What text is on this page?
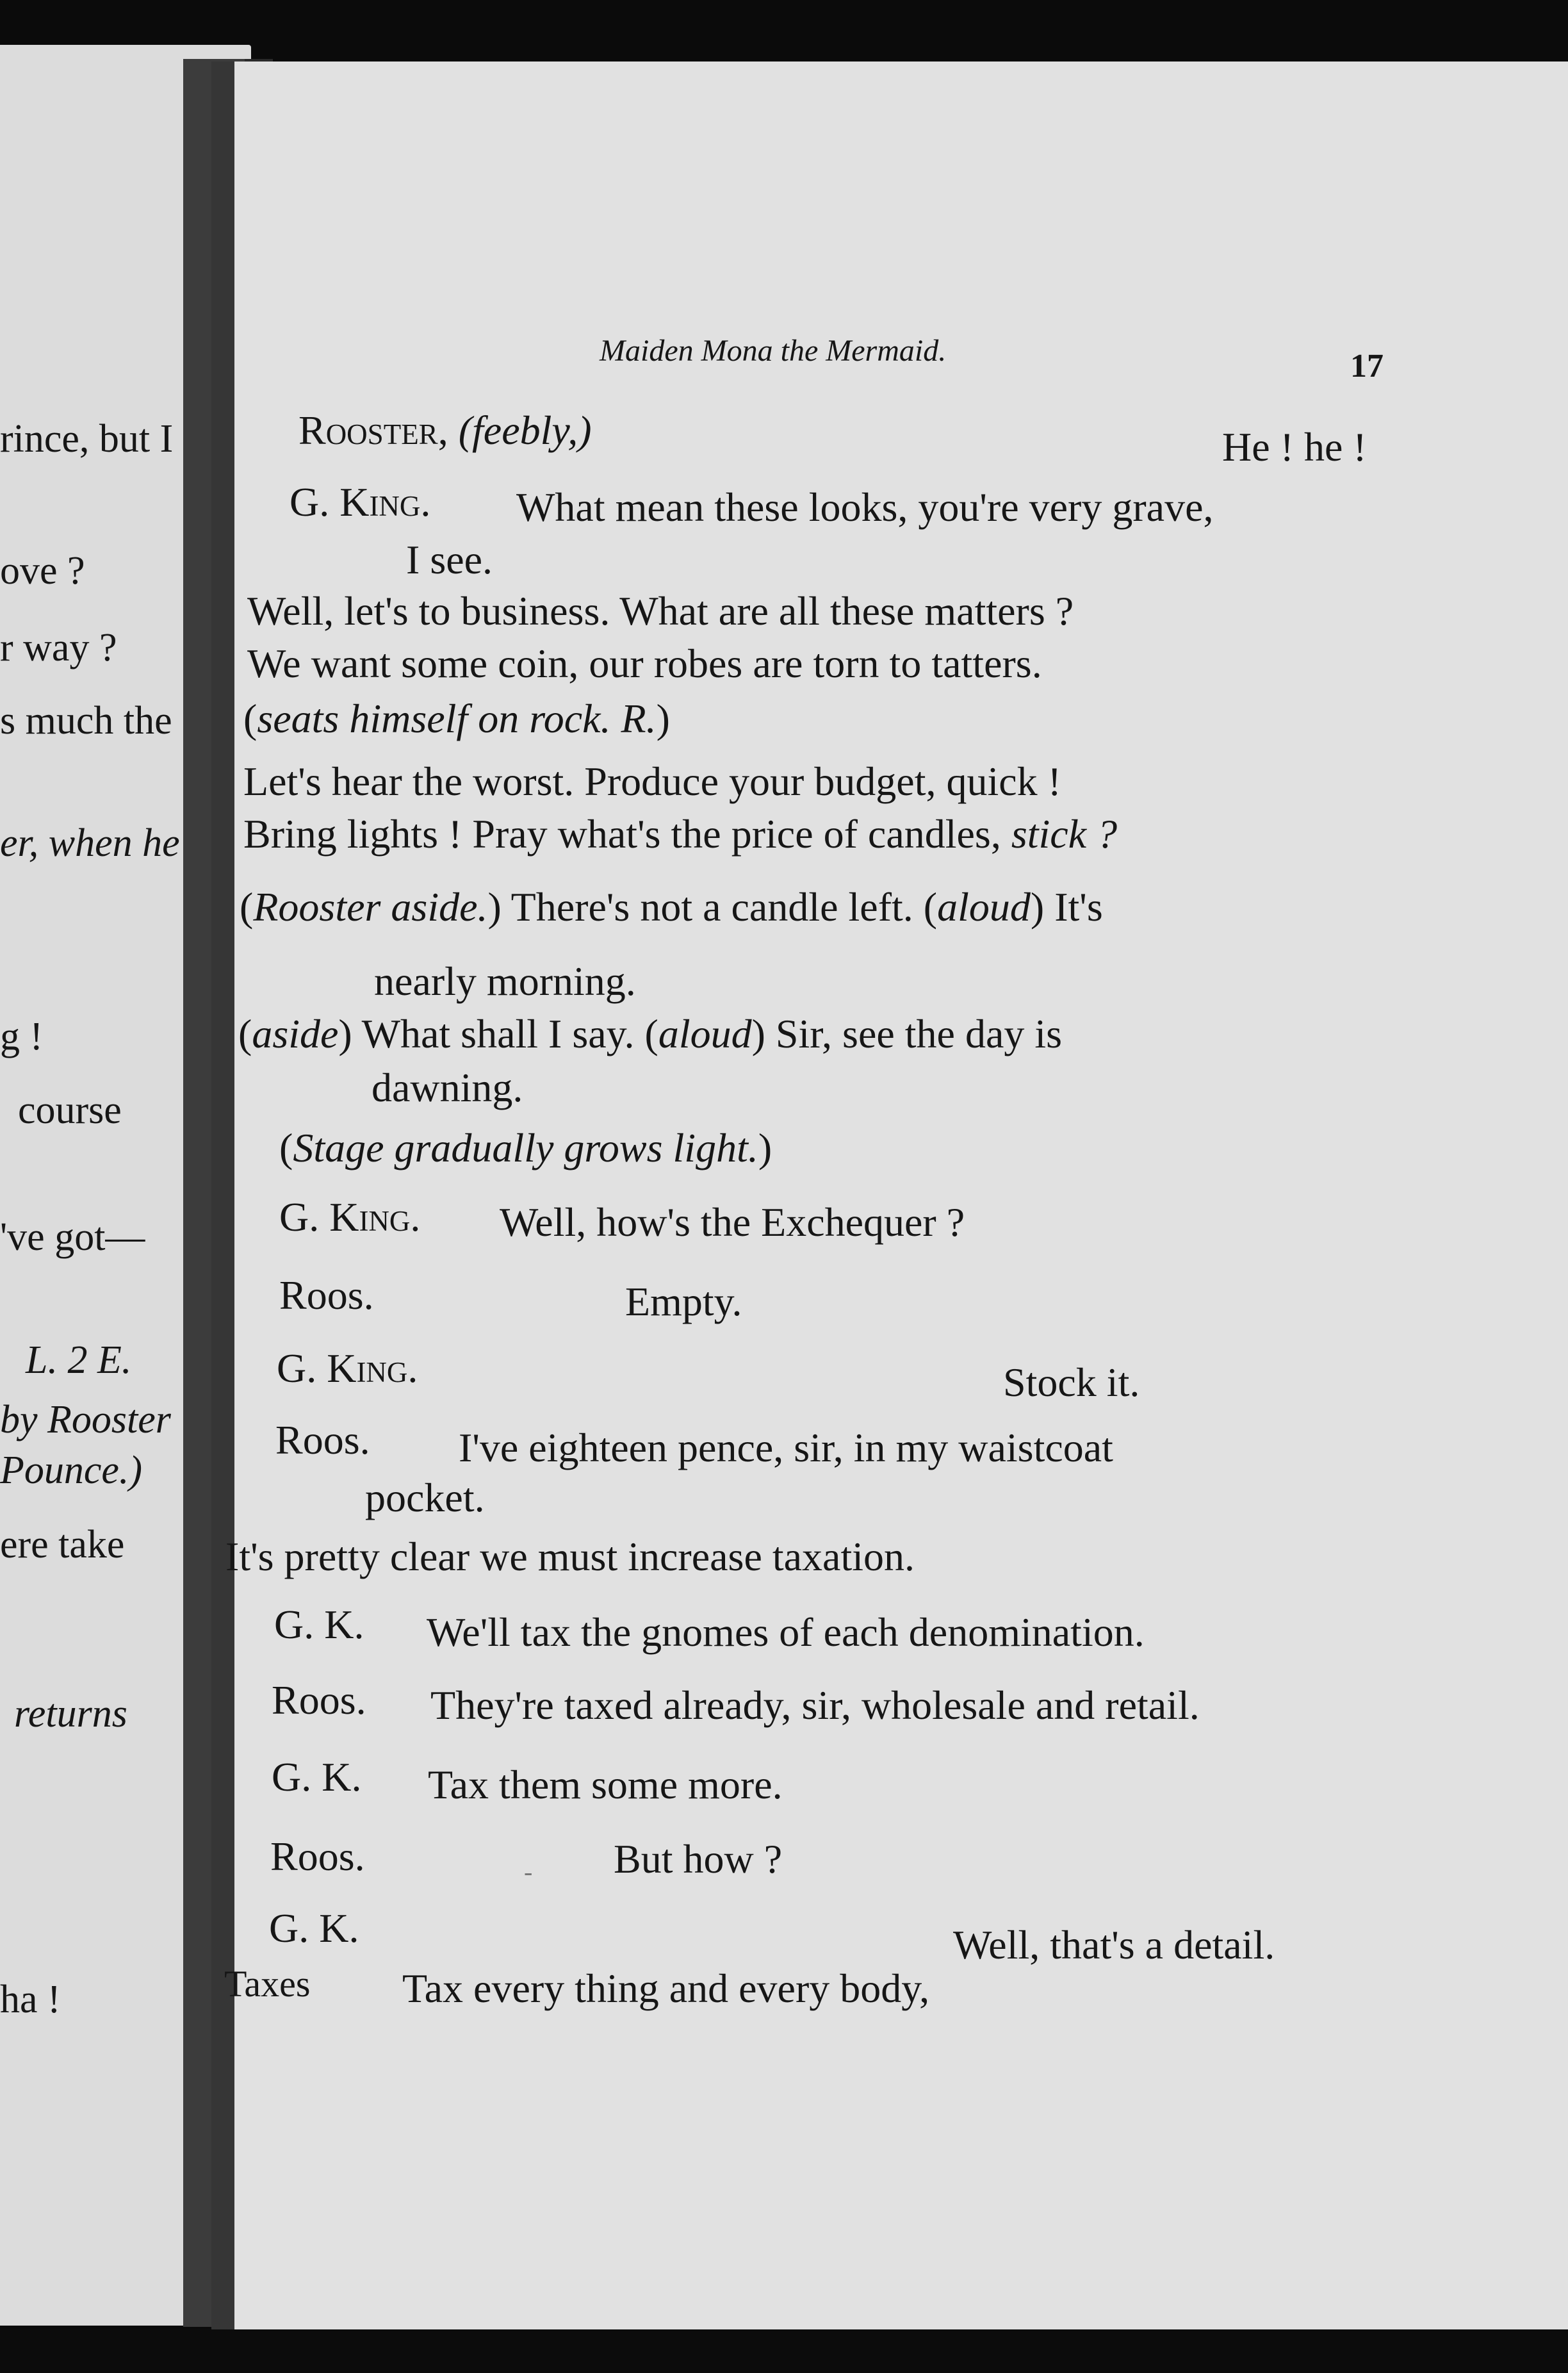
rince, but I
ove ?
r way ?
s much the
er, when he
g !
course
've got—
L. 2 E.
by Rooster
Pounce.)
ere take
returns
ha !
Maiden Mona the Mermaid.	17
Rooster, (feebly,)	He ! he !
G. King. What mean these looks, you're very grave,
I see.
Well, let's to business. What are all these matters ?
We want some coin, our robes are torn to tatters.
(seats himself on rock. R.)
Let's hear the worst. Produce your budget, quick !
Bring lights ! Pray what's the price of candles, stick ?
(Rooster aside.) There's not a candle left. (aloud) It's
nearly morning.
(aside) What shall I say. (aloud) Sir, see the day is
dawning.
(Stage gradually grows light.)
G. King. Well, how's the Exchequer ?
Roos.	Empty.
G. King.	Stock it.
Roos. I've eighteen pence, sir, in my waistcoat
pocket.
It's pretty clear we must increase taxation.
G. K. We'll tax the gnomes of each denomination.
Roos. They're taxed already, sir, wholesale and retail.
G. K. Tax them some more.
Roos.	- But how ?
G. K.	Well, that's a detail.
Taxes Tax every thing and every body,
